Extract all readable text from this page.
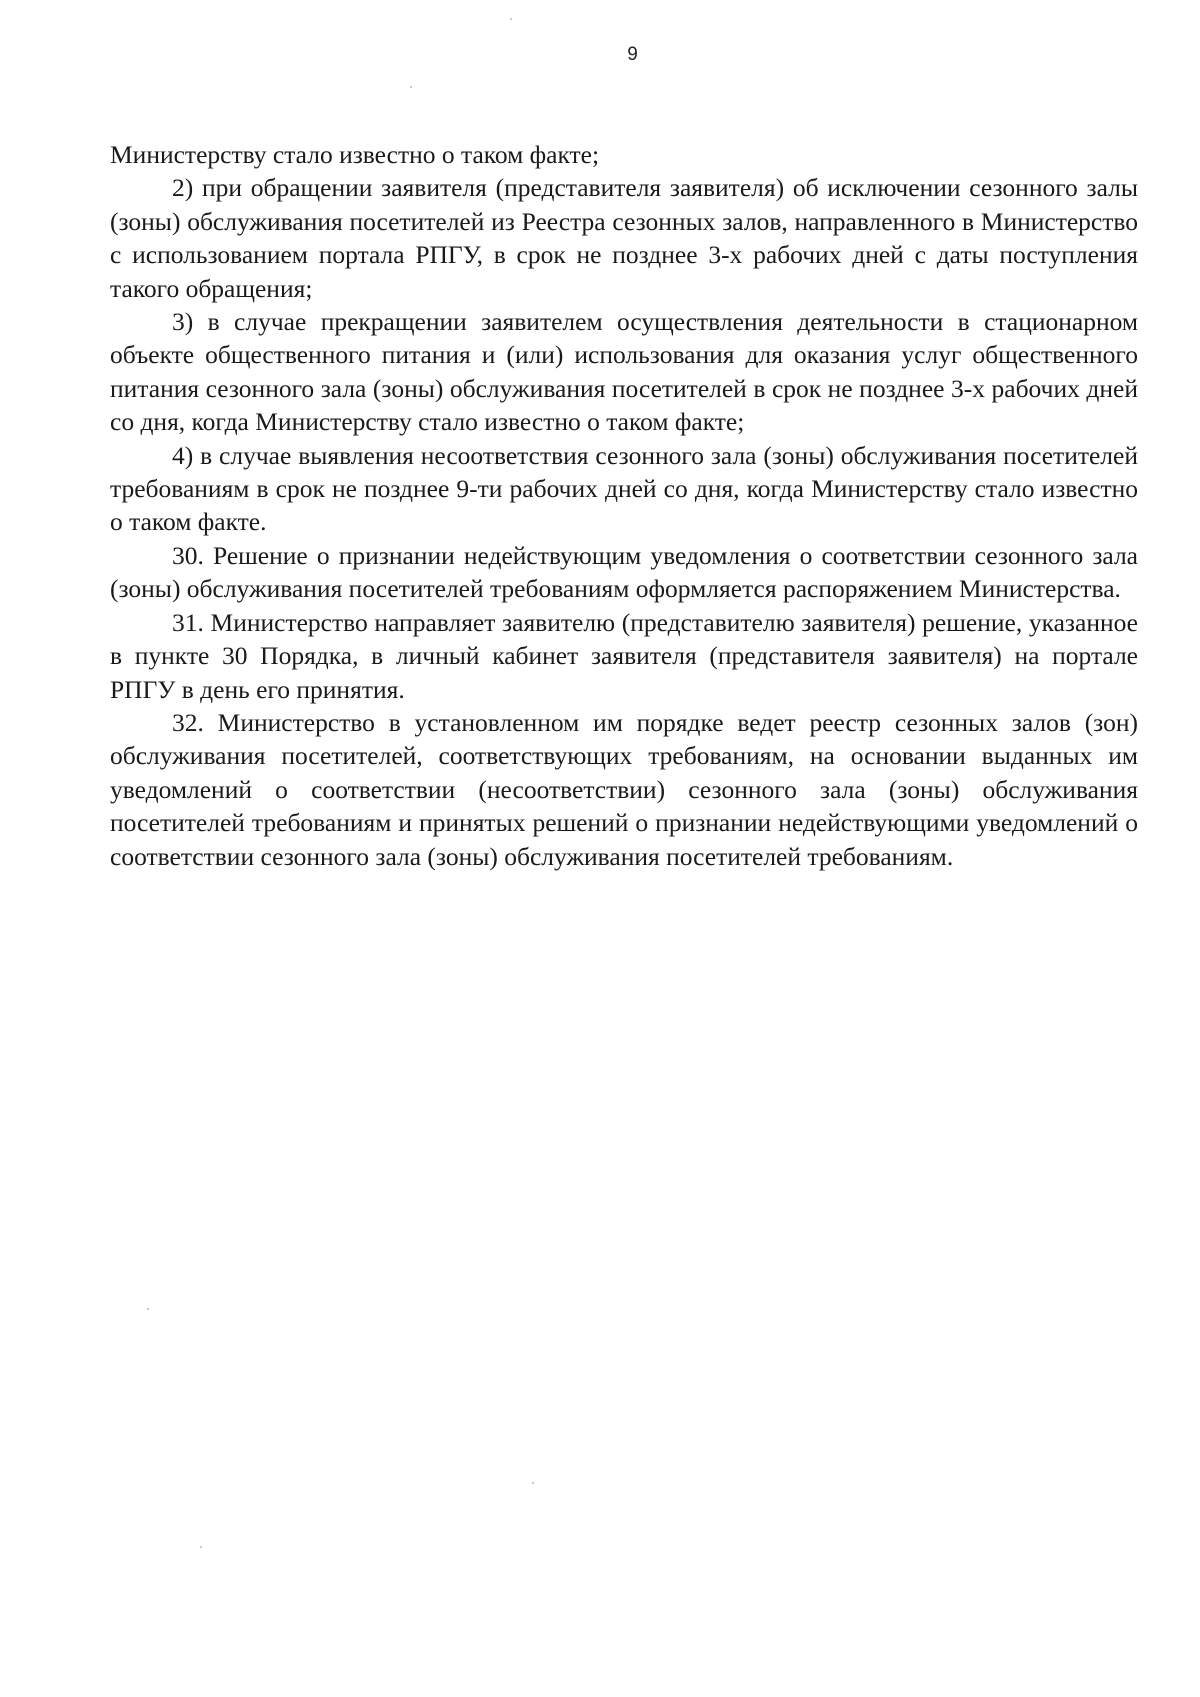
9

Министерству стало известно о таком факте;

2) при обращении заявителя (представителя заявителя) об исключении сезонного залы (зоны) обслуживания посетителей из Реестра сезонных залов, направленного в Министерство с использованием портала РПГУ, в срок не позднее 3-х рабочих дней с даты поступления такого обращения;

3) в случае прекращении заявителем осуществления деятельности в стационарном объекте общественного питания и (или) использования для оказания услуг общественного питания сезонного зала (зоны) обслуживания посетителей в срок не позднее 3-х рабочих дней со дня, когда Министерству стало известно о таком факте;

4) в случае выявления несоответствия сезонного зала (зоны) обслуживания посетителей требованиям в срок не позднее 9-ти рабочих дней со дня, когда Министерству стало известно о таком факте.

30. Решение о признании недействующим уведомления о соответствии сезонного зала (зоны) обслуживания посетителей требованиям оформляется распоряжением Министерства.

31. Министерство направляет заявителю (представителю заявителя) решение, указанное в пункте 30 Порядка, в личный кабинет заявителя (представителя заявителя) на портале РПГУ в день его принятия.

32. Министерство в установленном им порядке ведет реестр сезонных залов (зон) обслуживания посетителей, соответствующих требованиям, на основании выданных им уведомлений о соответствии (несоответствии) сезонного зала (зоны) обслуживания посетителей требованиям и принятых решений о признании недействующими уведомлений о соответствии сезонного зала (зоны) обслуживания посетителей требованиям.
